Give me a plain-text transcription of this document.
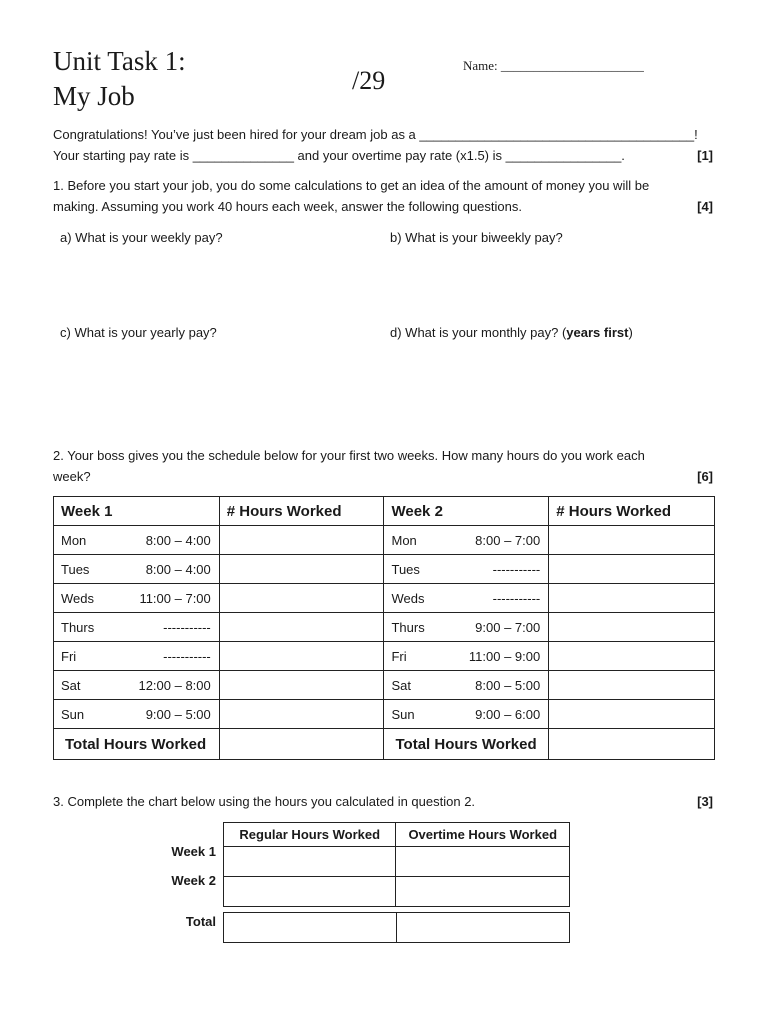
Unit Task 1:
My Job
/29
Name: ______________________
Congratulations! You’ve just been hired for your dream job as a ______________________________________!
Your starting pay rate is ______________ and your overtime pay rate (x1.5) is ________________.	[1]
1. Before you start your job, you do some calculations to get an idea of the amount of money you will be
making. Assuming you work 40 hours each week, answer the following questions.	[4]
a) What is your weekly pay?	b) What is your biweekly pay?
c) What is your yearly pay?	d) What is your monthly pay? (years first)
2. Your boss gives you the schedule below for your first two weeks. How many hours do you work each
week?	[6]
Week 1	# Hours Worked	Week 2	# Hours Worked

Mon 8:00 – 4:00		Mon 8:00 – 7:00	

Tues 8:00 – 4:00		Tues -----------	

Weds 11:00 – 7:00		Weds -----------	

Thurs -----------		Thurs 9:00 – 7:00	

Fri -----------		Fri 11:00 – 9:00	

Sat 12:00 – 8:00		Sat 8:00 – 5:00	

Sun 9:00 – 5:00		Sun 9:00 – 6:00	

Total Hours Worked		Total Hours Worked	
3. Complete the chart below using the hours you calculated in question 2.	[3]
Regular Hours Worked	Overtime Hours Worked

Week 1
Week 2

Total
